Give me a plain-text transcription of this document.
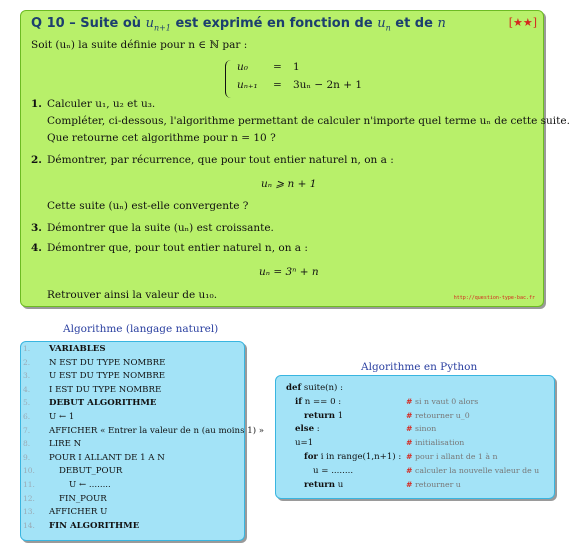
Q 10 – Suite où $u_{n+1}$ est exprimé en fonction de $u_n$ et de n	[★★]
Soit (uₙ) la suite définie pour n ∈ ℕ par :
u₀ = 1
uₙ₊₁ = 3uₙ − 2n + 1
1. Calculer u₁, u₂ et u₃.
Compléter, ci-dessous, l'algorithme permettant de calculer n'importe quel terme uₙ de cette suite.
Que retourne cet algorithme pour n = 10 ?
2. Démontrer, par récurrence, que pour tout entier naturel n, on a :
uₙ ⩾ n + 1
Cette suite (uₙ) est-elle convergente ?
3. Démontrer que la suite (uₙ) est croissante.
4. Démontrer que, pour tout entier naturel n, on a :
uₙ = 3ⁿ + n
Retrouver ainsi la valeur de u₁₀.	http://question-type-bac.fr
Algorithme (langage naturel)
1.	VARIABLES
2.	N EST DU TYPE NOMBRE
3.	U EST DU TYPE NOMBRE
4.	I EST DU TYPE NOMBRE
5.	DEBUT ALGORITHME
6.	U ← 1
7.	AFFICHER « Entrer la valeur de n (au moins 1) »
8.	LIRE N
9.	POUR I ALLANT DE 1 A N
10.	DEBUT_POUR
11.	U ← ........
12.	FIN_POUR
13.	AFFICHER U
14.	FIN ALGORITHME
Algorithme en Python
def suite(n) :
if n == 0 :	# si n vaut 0 alors
return 1	# retourner u_0
else :	# sinon
u=1	# initialisation
for i in range(1,n+1) : # pour i allant de 1 à n
u = ........	# calculer la nouvelle valeur de u
return u	# retourner u
